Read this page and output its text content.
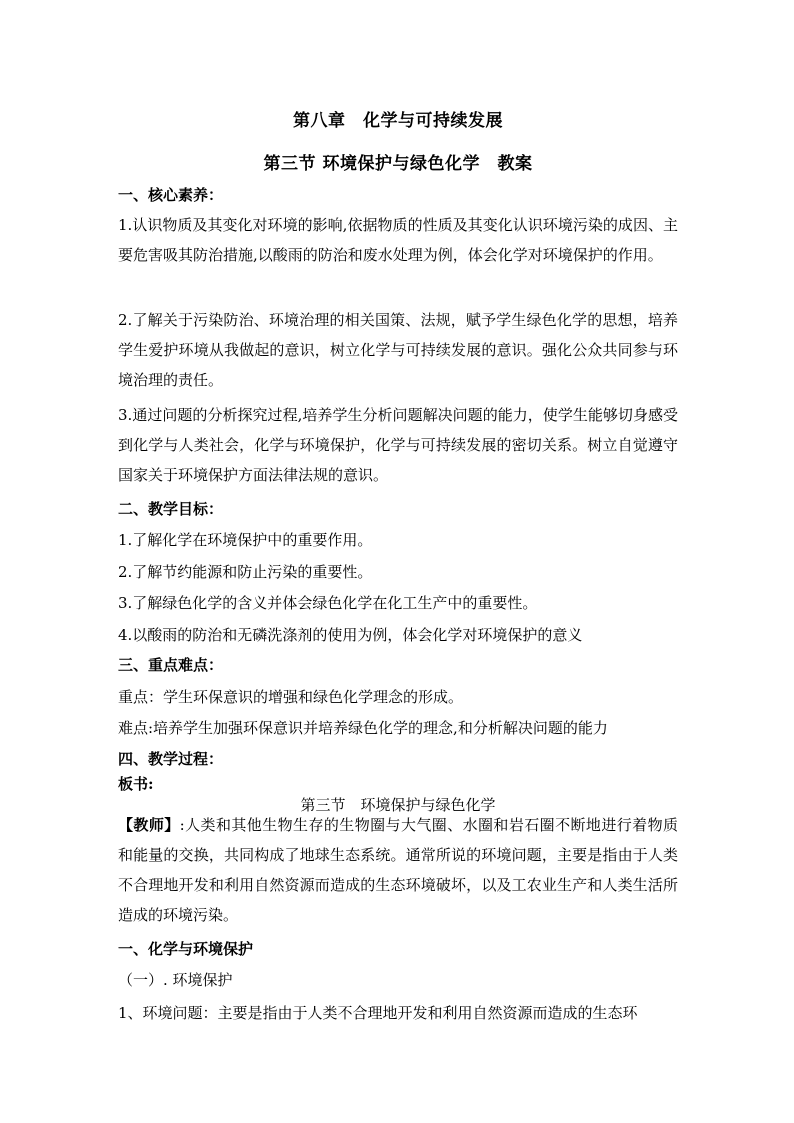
第八章　化学与可持续发展
第三节 环境保护与绿色化学　教案
一、核心素养：
1.认识物质及其变化对环境的影响,依据物质的性质及其变化认识环境污染的成因、主要危害吸其防治措施,以酸雨的防治和废水处理为例，体会化学对环境保护的作用。
2.了解关于污染防治、环境治理的相关国策、法规，赋予学生绿色化学的思想，培养学生爱护环境从我做起的意识，树立化学与可持续发展的意识。强化公众共同参与环境治理的责任。
3.通过问题的分析探究过程,培养学生分析问题解决问题的能力，使学生能够切身感受到化学与人类社会，化学与环境保护，化学与可持续发展的密切关系。树立自觉遵守国家关于环境保护方面法律法规的意识。
二、教学目标：
1.了解化学在环境保护中的重要作用。
2.了解节约能源和防止污染的重要性。
3.了解绿色化学的含义并体会绿色化学在化工生产中的重要性。
4.以酸雨的防治和无磷洗涤剂的使用为例，体会化学对环境保护的意义
三、重点难点：
重点：学生环保意识的增强和绿色化学理念的形成。
难点:培养学生加强环保意识并培养绿色化学的理念,和分析解决问题的能力
四、教学过程：
板书:
第三节　环境保护与绿色化学
【教师】:人类和其他生物生存的生物圈与大气圈、水圈和岩石圈不断地进行着物质和能量的交换，共同构成了地球生态系统。通常所说的环境问题，主要是指由于人类不合理地开发和利用自然资源而造成的生态环境破坏，以及工农业生产和人类生活所造成的环境污染。
一、化学与环境保护
（一）. 环境保护
1、环境问题：主要是指由于人类不合理地开发和利用自然资源而造成的生态环
